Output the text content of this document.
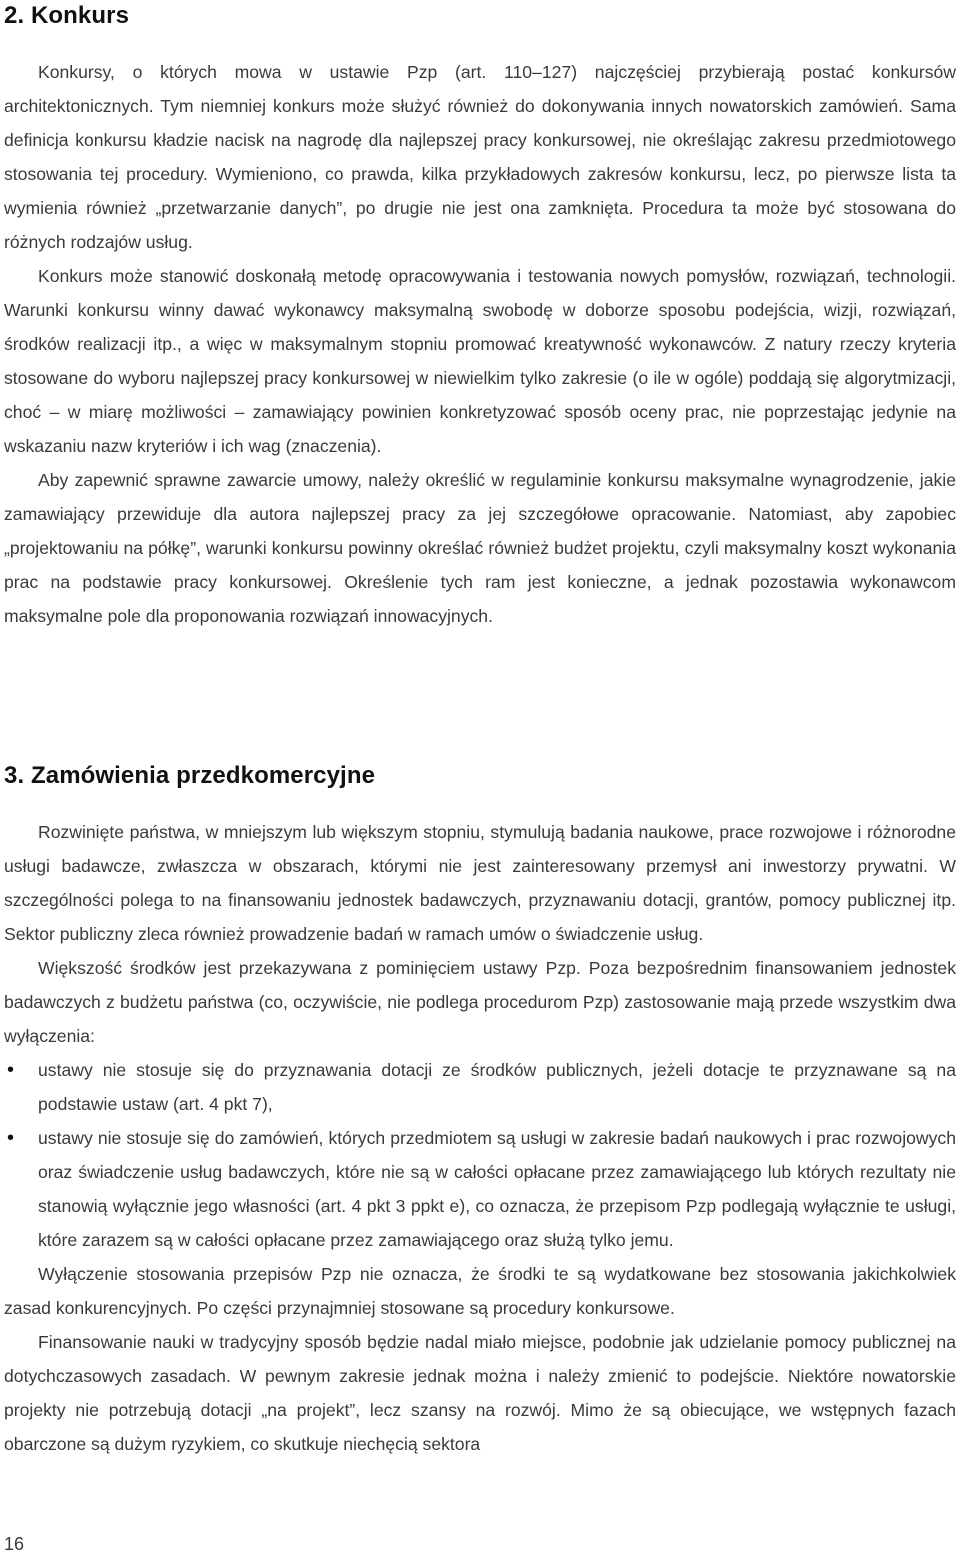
2. Konkurs

Konkursy, o których mowa w ustawie Pzp (art. 110–127) najczęściej przybierają postać konkursów architektonicznych. Tym niemniej konkurs może służyć również do dokonywania innych nowatorskich zamówień. Sama definicja konkursu kładzie nacisk na nagrodę dla najlepszej pracy konkursowej, nie określając zakresu przedmiotowego stosowania tej procedury. Wymieniono, co prawda, kilka przykładowych zakresów konkursu, lecz, po pierwsze lista ta wymienia również „przetwarzanie danych”, po drugie nie jest ona zamknięta. Procedura ta może być stosowana do różnych rodzajów usług.

Konkurs może stanowić doskonałą metodę opracowywania i testowania nowych pomysłów, rozwiązań, technologii. Warunki konkursu winny dawać wykonawcy maksymalną swobodę w doborze sposobu podejścia, wizji, rozwiązań, środków realizacji itp., a więc w maksymalnym stopniu promować kreatywność wykonawców. Z natury rzeczy kryteria stosowane do wyboru najlepszej pracy konkursowej w niewielkim tylko zakresie (o ile w ogóle) poddają się algorytmizacji, choć – w miarę możliwości – zamawiający powinien konkretyzować sposób oceny prac, nie poprzestając jedynie na wskazaniu nazw kryteriów i ich wag (znaczenia).

Aby zapewnić sprawne zawarcie umowy, należy określić w regulaminie konkursu maksymalne wynagrodzenie, jakie zamawiający przewiduje dla autora najlepszej pracy za jej szczegółowe opracowanie. Natomiast, aby zapobiec „projektowaniu na półkę”, warunki konkursu powinny określać również budżet projektu, czyli maksymalny koszt wykonania prac na podstawie pracy konkursowej. Określenie tych ram jest konieczne, a jednak pozostawia wykonawcom maksymalne pole dla proponowania rozwiązań innowacyjnych.

3. Zamówienia przedkomercyjne

Rozwinięte państwa, w mniejszym lub większym stopniu, stymulują badania naukowe, prace rozwojowe i różnorodne usługi badawcze, zwłaszcza w obszarach, którymi nie jest zainteresowany przemysł ani inwestorzy prywatni. W szczególności polega to na finansowaniu jednostek badawczych, przyznawaniu dotacji, grantów, pomocy publicznej itp. Sektor publiczny zleca również prowadzenie badań w ramach umów o świadczenie usług.

Większość środków jest przekazywana z pominięciem ustawy Pzp. Poza bezpośrednim finansowaniem jednostek badawczych z budżetu państwa (co, oczywiście, nie podlega procedurom Pzp) zastosowanie mają przede wszystkim dwa wyłączenia:

• ustawy nie stosuje się do przyznawania dotacji ze środków publicznych, jeżeli dotacje te przyznawane są na podstawie ustaw (art. 4 pkt 7),
• ustawy nie stosuje się do zamówień, których przedmiotem są usługi w zakresie badań naukowych i prac rozwojowych oraz świadczenie usług badawczych, które nie są w całości opłacane przez zamawiającego lub których rezultaty nie stanowią wyłącznie jego własności (art. 4 pkt 3 ppkt e), co oznacza, że przepisom Pzp podlegają wyłącznie te usługi, które zarazem są w całości opłacane przez zamawiającego oraz służą tylko jemu.

Wyłączenie stosowania przepisów Pzp nie oznacza, że środki te są wydatkowane bez stosowania jakichkolwiek zasad konkurencyjnych. Po części przynajmniej stosowane są procedury konkursowe.

Finansowanie nauki w tradycyjny sposób będzie nadal miało miejsce, podobnie jak udzielanie pomocy publicznej na dotychczasowych zasadach. W pewnym zakresie jednak można i należy zmienić to podejście. Niektóre nowatorskie projekty nie potrzebują dotacji „na projekt”, lecz szansy na rozwój. Mimo że są obiecujące, we wstępnych fazach obarczone są dużym ryzykiem, co skutkuje niechęcią sektora

16
